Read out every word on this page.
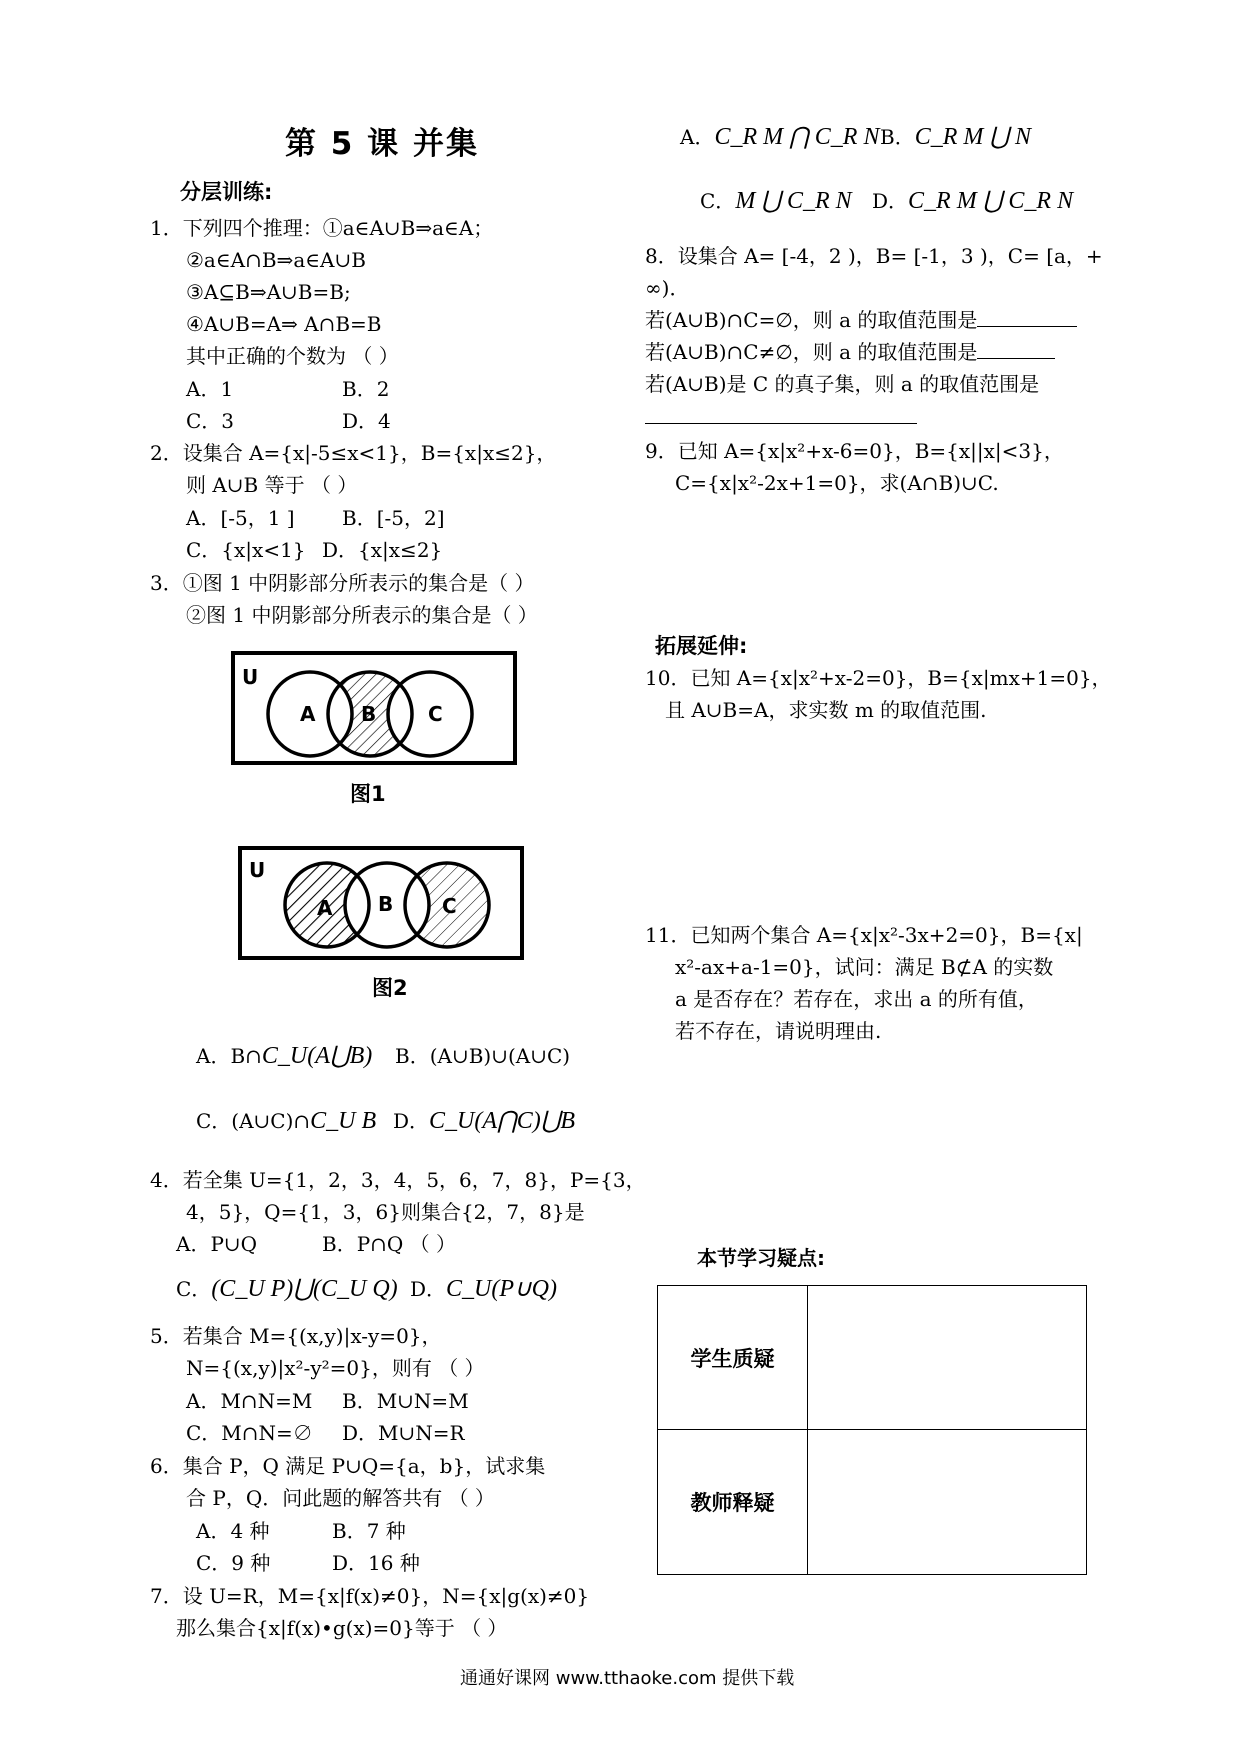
第 5 课 并集
分层训练:
1．下列四个推理：①a∈A∪B⇒a∈A；
②a∈A∩B⇒a∈A∪B
③A⊆B⇒A∪B=B;
④A∪B=A⇒ A∩B=B
其中正确的个数为 （ ）
A．1	B．2
C．3	D．4
2．设集合 A={x|-5≤x<1}，B={x|x≤2}，
则 A∪B 等于 （ ）
A．[-5，1 ] B．[-5，2]
C．{x|x<1} D．{x|x≤2}
3．①图 1 中阴影部分所表示的集合是（ ）
②图 1 中阴影部分所表示的集合是（ ）
U
A B	C
图1
U
A B C
图2
A．B∩C_U(A⋃B) B．(A∪B)∪(A∪C)
C．(A∪C)∩C_U B D．C_U(A⋂C)⋃B
4．若全集 U={1，2，3，4，5，6，7，8}，P={3，
4，5}，Q={1，3，6}则集合{2，7，8}是
A．P∪Q	B．P∩Q （ ）
C．(C_U P)⋃(C_U Q) D．C_U(P∪Q)
5．若集合 M={(x,y)|x-y=0}，
N={(x,y)|x²-y²=0}，则有 （ ）
A．M∩N=M B．M∪N=M
C．M∩N=∅ D．M∪N=R
6．集合 P，Q 满足 P∪Q={a，b}，试求集
合 P，Q．问此题的解答共有 （ ）
A．4 种	B．7 种
C．9 种	D．16 种
7．设 U=R，M={x|f(x)≠0}，N={x|g(x)≠0}
那么集合{x|f(x)•g(x)=0}等于 （ ）
A．C_R M ⋂ C_R N B．C_R M ⋃ N
C．M ⋃ C_R N D．C_R M ⋃ C_R N
8．设集合 A= [-4，2 )，B= [-1，3 )，C= [a，+
∞)．
若(A∪B)∩C=∅，则 a 的取值范围是
若(A∪B)∩C≠∅，则 a 的取值范围是
若(A∪B)是 C 的真子集，则 a 的取值范围是
9．已知 A={x|x²+x-6=0}，B={x||x|<3}，
C={x|x²-2x+1=0}，求(A∩B)∪C.
拓展延伸:
10．已知 A={x|x²+x-2=0}，B={x|mx+1=0}，
且 A∪B=A，求实数 m 的取值范围.
11．已知两个集合 A={x|x²-3x+2=0}，B={x|
x²-ax+a-1=0}，试问：满足 B⊄A 的实数
a 是否存在？若存在，求出 a 的所有值，
若不存在，请说明理由.
本节学习疑点:
学生质疑
教师释疑
通通好课网 www.tthaoke.com 提供下载
